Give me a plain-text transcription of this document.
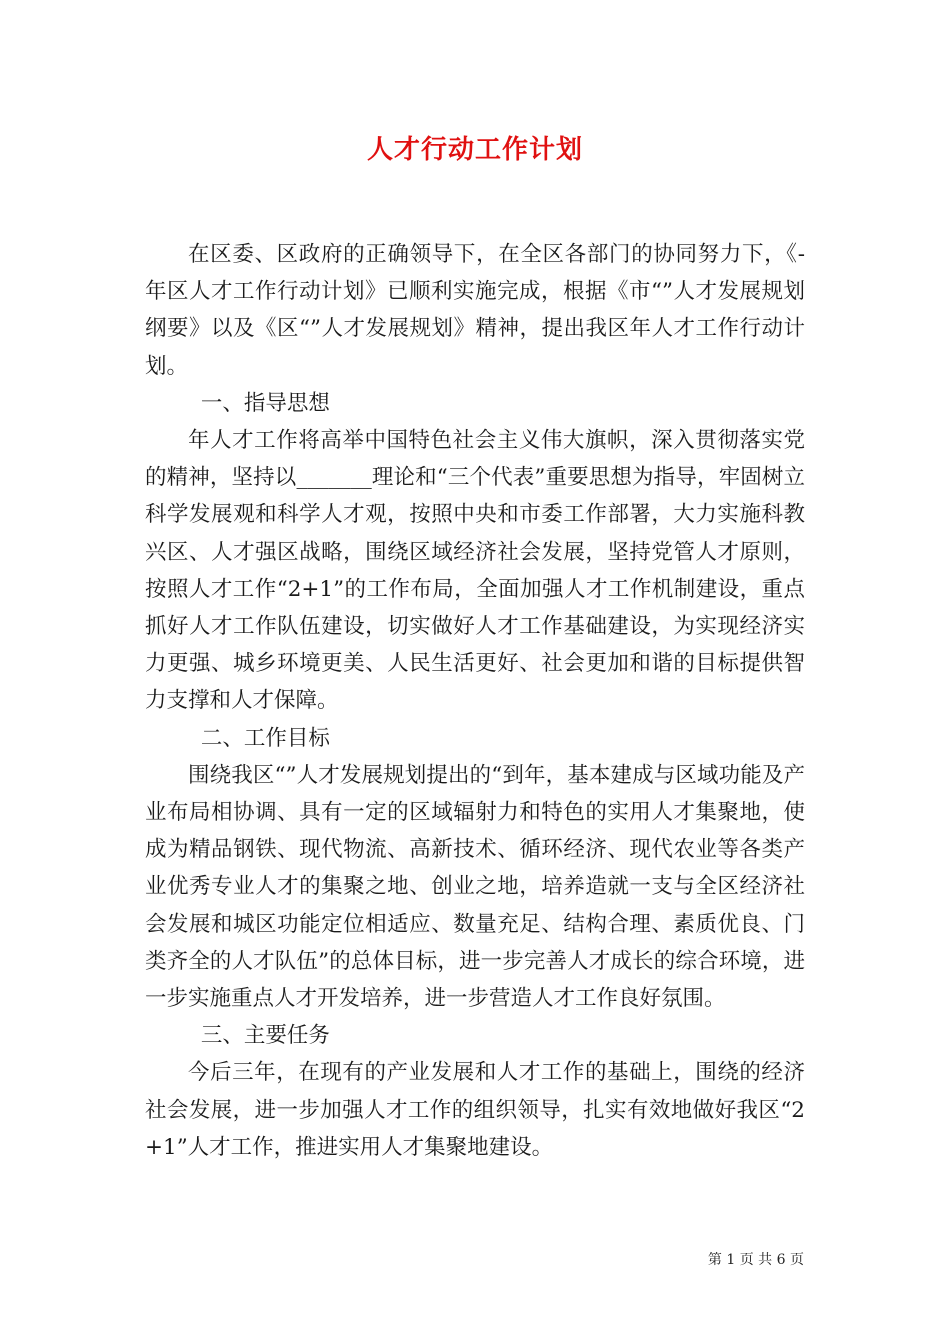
人才行动工作计划

在区委、区政府的正确领导下，在全区各部门的协同努力下，《-年区人才工作行动计划》已顺利实施完成，根据《市“”人才发展规划纲要》以及《区“”人才发展规划》精神，提出我区年人才工作行动计划。

一、指导思想

年人才工作将高举中国特色社会主义伟大旗帜，深入贯彻落实党的精神，坚持以_______理论和“三个代表”重要思想为指导，牢固树立科学发展观和科学人才观，按照中央和市委工作部署，大力实施科教兴区、人才强区战略，围绕区域经济社会发展，坚持党管人才原则，按照人才工作“2+1”的工作布局，全面加强人才工作机制建设，重点抓好人才工作队伍建设，切实做好人才工作基础建设，为实现经济实力更强、城乡环境更美、人民生活更好、社会更加和谐的目标提供智力支撑和人才保障。

二、工作目标

围绕我区“”人才发展规划提出的“到年，基本建成与区域功能及产业布局相协调、具有一定的区域辐射力和特色的实用人才集聚地，使成为精品钢铁、现代物流、高新技术、循环经济、现代农业等各类产业优秀专业人才的集聚之地、创业之地，培养造就一支与全区经济社会发展和城区功能定位相适应、数量充足、结构合理、素质优良、门类齐全的人才队伍”的总体目标，进一步完善人才成长的综合环境，进一步实施重点人才开发培养，进一步营造人才工作良好氛围。

三、主要任务

今后三年，在现有的产业发展和人才工作的基础上，围绕的经济社会发展，进一步加强人才工作的组织领导，扎实有效地做好我区“2+1”人才工作，推进实用人才集聚地建设。

第 1 页 共 6 页
